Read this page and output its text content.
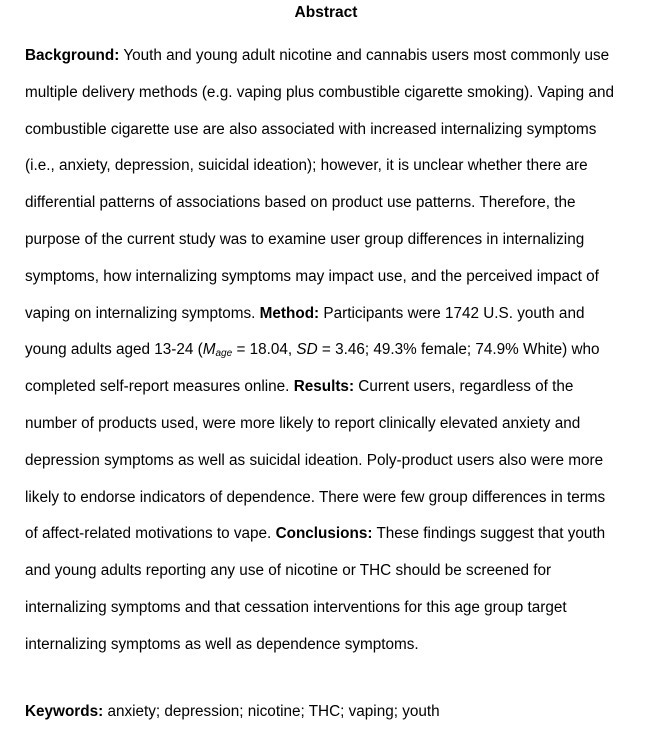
Abstract
Background: Youth and young adult nicotine and cannabis users most commonly use
multiple delivery methods (e.g. vaping plus combustible cigarette smoking). Vaping and
combustible cigarette use are also associated with increased internalizing symptoms
(i.e., anxiety, depression, suicidal ideation); however, it is unclear whether there are
differential patterns of associations based on product use patterns. Therefore, the
purpose of the current study was to examine user group differences in internalizing
symptoms, how internalizing symptoms may impact use, and the perceived impact of
vaping on internalizing symptoms. Method: Participants were 1742 U.S. youth and
young adults aged 13-24 ($M_{age} = 18.04$, SD = 3.46; 49.3% female; 74.9% White) who
completed self-report measures online. Results: Current users, regardless of the
number of products used, were more likely to report clinically elevated anxiety and
depression symptoms as well as suicidal ideation. Poly-product users also were more
likely to endorse indicators of dependence. There were few group differences in terms
of affect-related motivations to vape. Conclusions: These findings suggest that youth
and young adults reporting any use of nicotine or THC should be screened for
internalizing symptoms and that cessation interventions for this age group target
internalizing symptoms as well as dependence symptoms.
Keywords: anxiety; depression; nicotine; THC; vaping; youth
